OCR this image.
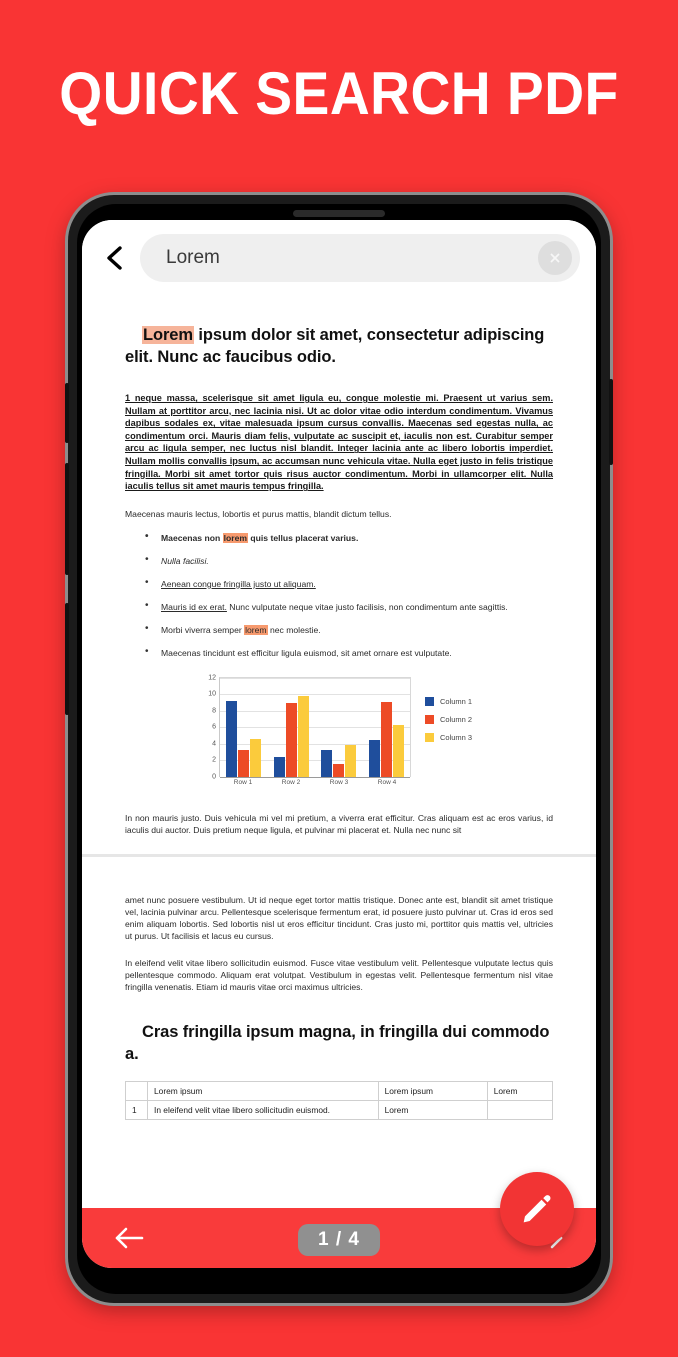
QUICK SEARCH PDF
Lorem
Lorem ipsum dolor sit amet, consectetur adipiscing elit. Nunc ac faucibus odio.

1 neque massa, scelerisque sit amet ligula eu, congue molestie mi. Praesent ut varius sem. Nullam at porttitor arcu, nec lacinia nisi. Ut ac dolor vitae odio interdum condimentum. Vivamus dapibus sodales ex, vitae malesuada ipsum cursus convallis. Maecenas sed egestas nulla, ac condimentum orci. Mauris diam felis, vulputate ac suscipit et, iaculis non est. Curabitur semper arcu ac ligula semper, nec luctus nisl blandit. Integer lacinia ante ac libero lobortis imperdiet. Nullam mollis convallis ipsum, ac accumsan nunc vehicula vitae. Nulla eget justo in felis tristique fringilla. Morbi sit amet tortor quis risus auctor condimentum. Morbi in ullamcorper elit. Nulla iaculis tellus sit amet mauris tempus fringilla.

Maecenas mauris lectus, lobortis et purus mattis, blandit dictum tellus.

• Maecenas non lorem quis tellus placerat varius.
• Nulla facilisi.
• Aenean congue fringilla justo ut aliquam.
• Mauris id ex erat. Nunc vulputate neque vitae justo facilisis, non condimentum ante sagittis.
• Morbi viverra semper lorem nec molestie.
• Maecenas tincidunt est efficitur ligula euismod, sit amet ornare est vulputate.
12
10
8
6
4
2
0
Row 1	Row 2	Row 3	Row 4
Column 1
Column 2
Column 3

In non mauris justo. Duis vehicula mi vel mi pretium, a viverra erat efficitur. Cras aliquam est ac eros varius, id iaculis dui auctor. Duis pretium neque ligula, et pulvinar mi placerat et. Nulla nec nunc sit

amet nunc posuere vestibulum. Ut id neque eget tortor mattis tristique. Donec ante est, blandit sit amet tristique vel, lacinia pulvinar arcu. Pellentesque scelerisque fermentum erat, id posuere justo pulvinar ut. Cras id eros sed enim aliquam lobortis. Sed lobortis nisl ut eros efficitur tincidunt. Cras justo mi, porttitor quis mattis vel, ultricies ut purus. Ut facilisis et lacus eu cursus.

In eleifend velit vitae libero sollicitudin euismod. Fusce vitae vestibulum velit. Pellentesque vulputate lectus quis pellentesque commodo. Aliquam erat volutpat. Vestibulum in egestas velit. Pellentesque fermentum nisl vitae fringilla venenatis. Etiam id mauris vitae orci maximus ultricies.

Cras fringilla ipsum magna, in fringilla dui commodo a.
	Lorem ipsum	Lorem ipsum	Lorem
1	In eleifend velit vitae libero sollicitudin euismod.	Lorem	
1 / 4
